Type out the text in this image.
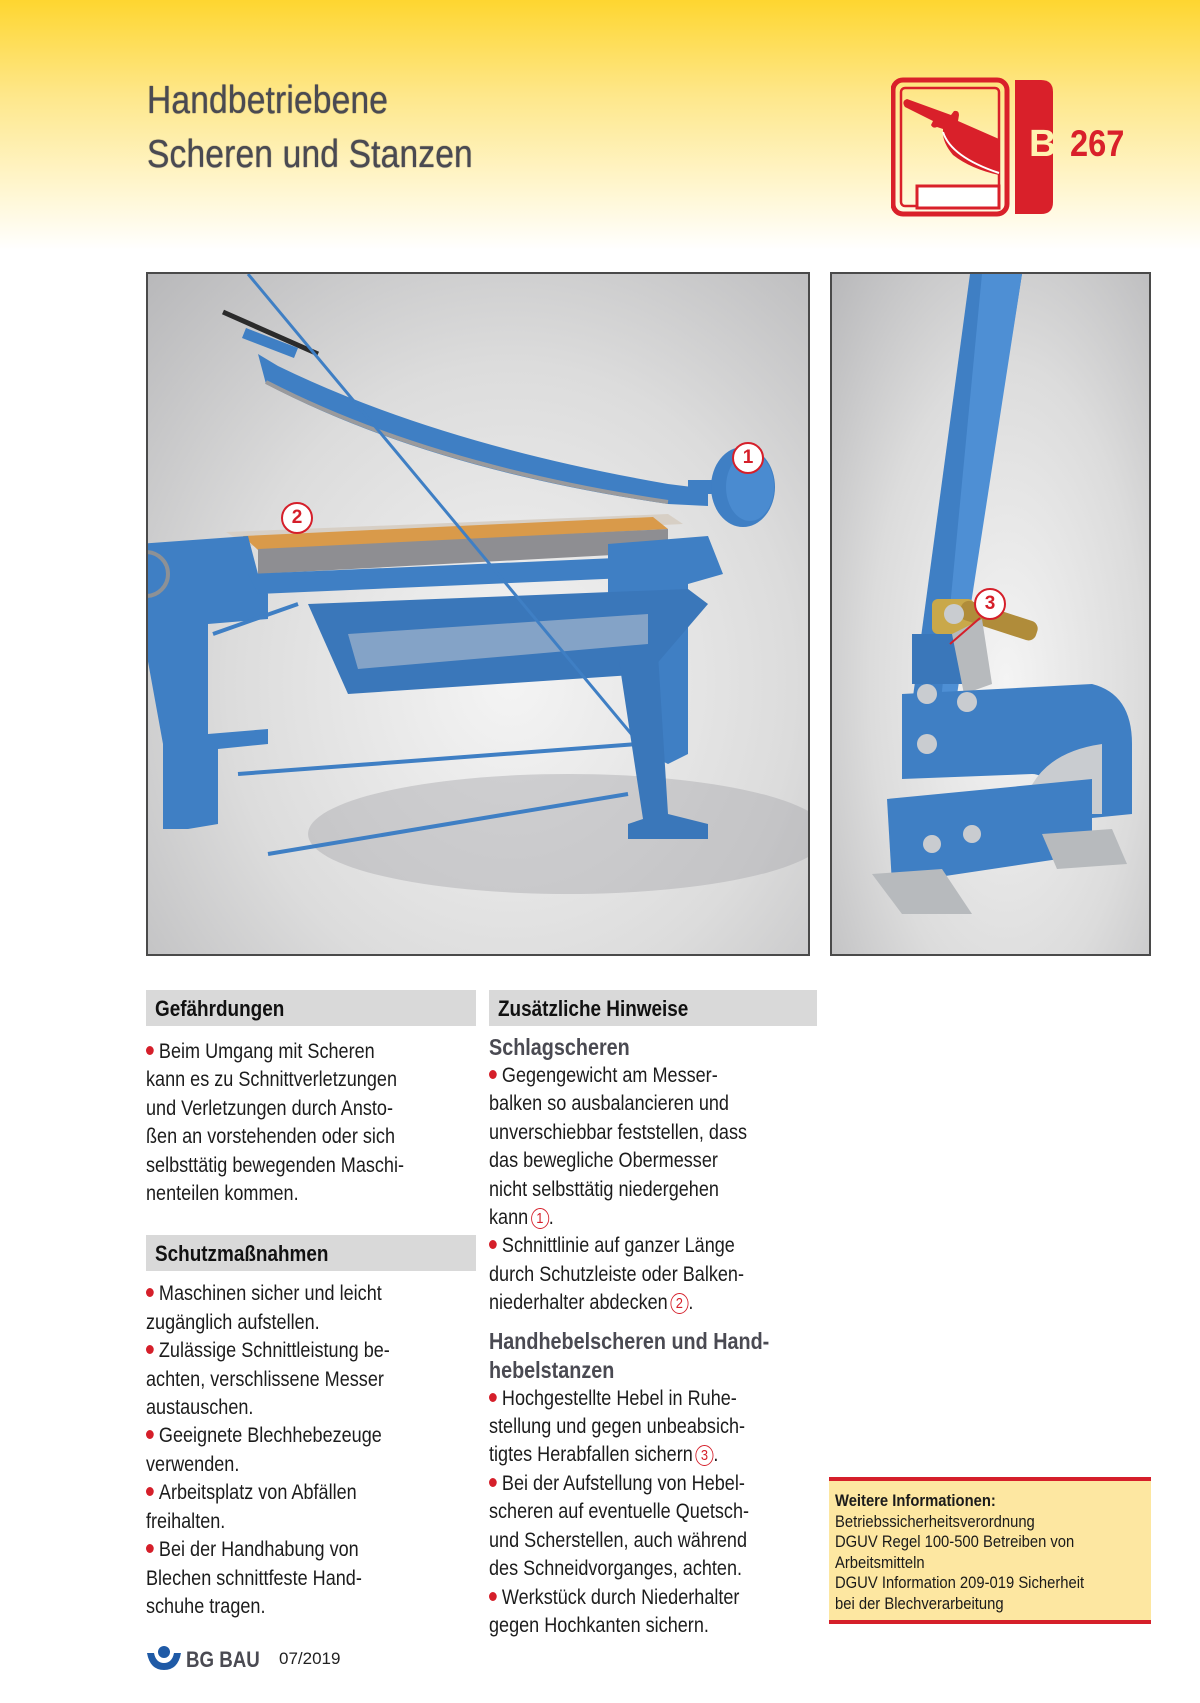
Handbetriebene
Scheren und Stanzen	B 267
1
2
3
Gefährdungen
Beim Umgang mit Scheren
kann es zu Schnittverletzungen
und Verletzungen durch Ansto-
ßen an vorstehenden oder sich
selbsttätig bewegenden Maschi-
nenteilen kommen.
Schutzmaßnahmen
Maschinen sicher und leicht
zugänglich aufstellen.
Zulässige Schnittleistung be-
achten, verschlissene Messer
austauschen.
Geeignete Blechhebezeuge
verwenden.
Arbeitsplatz von Abfällen
freihalten.
Bei der Handhabung von
Blechen schnittfeste Hand-
schuhe tragen.
Zusätzliche Hinweise
Schlagscheren
Gegengewicht am Messer-
balken so ausbalancieren und
unverschiebbar feststellen, dass
das bewegliche Obermesser
nicht selbsttätig niedergehen
kann 1 .
Schnittlinie auf ganzer Länge
durch Schutzleiste oder Balken-
niederhalter abdecken 2 .
Handhebelscheren und Hand-
hebelstanzen
Hochgestellte Hebel in Ruhe-
stellung und gegen unbeabsich-
tigtes Herabfallen sichern 3 .
Bei der Aufstellung von Hebel-
scheren auf eventuelle Quetsch-
und Scherstellen, auch während
des Schneidvorganges, achten.
Werkstück durch Niederhalter
gegen Hochkanten sichern.
Weitere Informationen:
Betriebssicherheitsverordnung
DGUV Regel 100-500 Betreiben von
Arbeitsmitteln
DGUV Information 209-019 Sicherheit
bei der Blechverarbeitung
BG BAU 07/2019
